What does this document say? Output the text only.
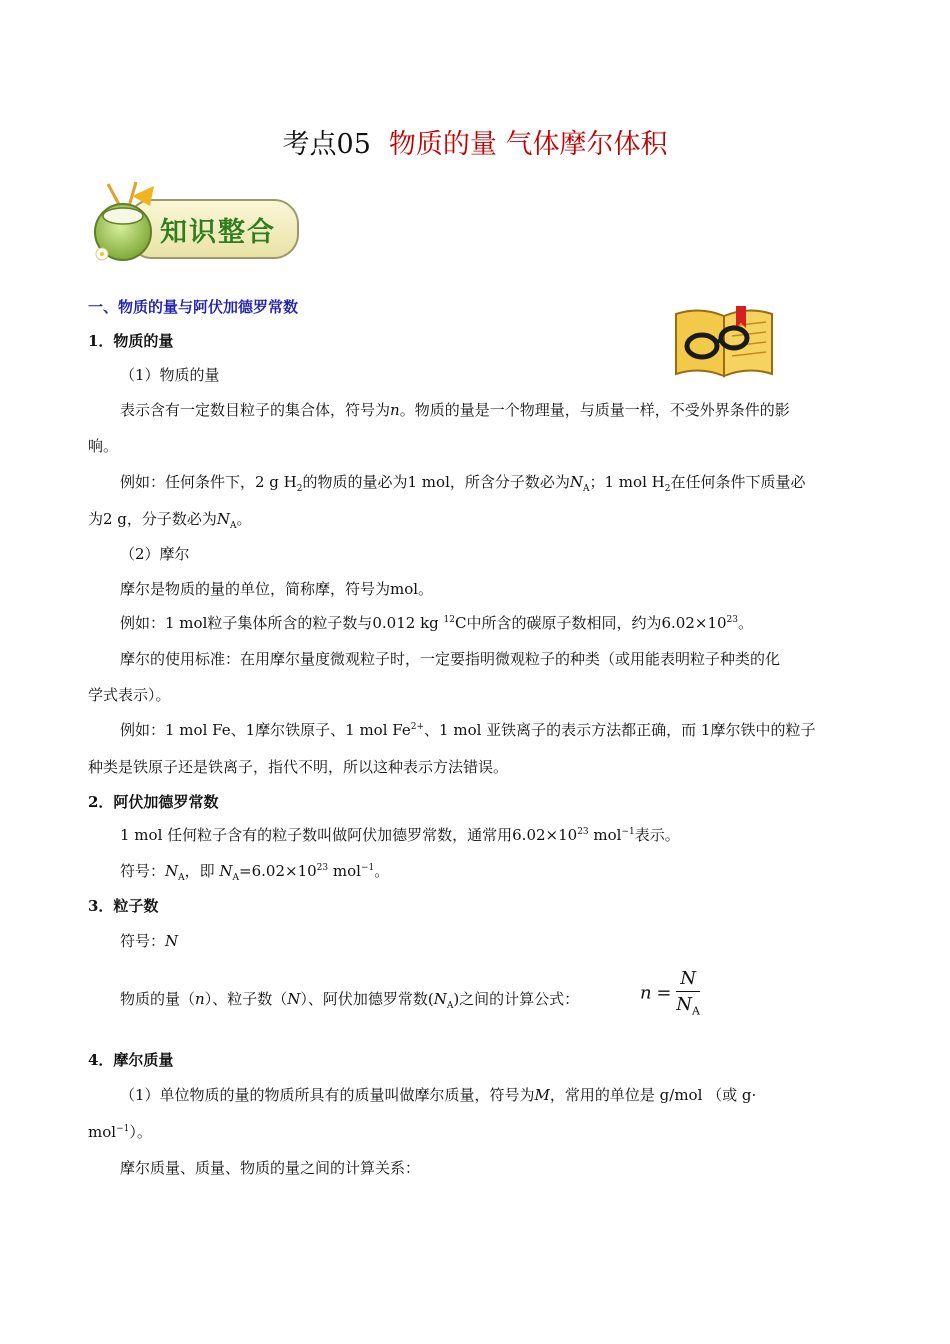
考点05 物质的量 气体摩尔体积
知识整合
一、物质的量与阿伏加德罗常数
1．物质的量
（1）物质的量
表示含有一定数目粒子的集合体，符号为n。物质的量是一个物理量，与质量一样，不受外界条件的影
响。
例如：任何条件下，2 g $H_2$的物质的量必为1 mol，所含分子数必为$N_A$；1 mol $H_2$在任何条件下质量必
为2 g，分子数必为$N_A$。
（2）摩尔
摩尔是物质的量的单位，简称摩，符号为mol。
例如：1 mol粒子集体所含的粒子数与0.012 kg $^{12}$C中所含的碳原子数相同，约为$6.02\times 10^{23}$。
摩尔的使用标准：在用摩尔量度微观粒子时，一定要指明微观粒子的种类（或用能表明粒子种类的化
学式表示）。
例如：1 mol Fe、1摩尔铁原子、1 mol $Fe^{2+}$、1 mol 亚铁离子的表示方法都正确，而 1摩尔铁中的粒子
种类是铁原子还是铁离子，指代不明，所以这种表示方法错误。
2．阿伏加德罗常数
1 mol 任何粒子含有的粒子数叫做阿伏加德罗常数，通常用$6.02\times 10^{23}$ mol$^{-1}$表示。
符号：$N_A$，即 $N_A=6.02\times 10^{23}$ mol$^{-1}$。
3．粒子数
符号：N
物质的量（n）、粒子数（N）、阿伏加德罗常数$(N_A)$之间的计算公式：	$n = \frac{N}{N_A}$
4．摩尔质量
（1）单位物质的量的物质所具有的质量叫做摩尔质量，符号为M，常用的单位是 g/mol （或 g·
mol$^{-1}$）。
摩尔质量、质量、物质的量之间的计算关系：
